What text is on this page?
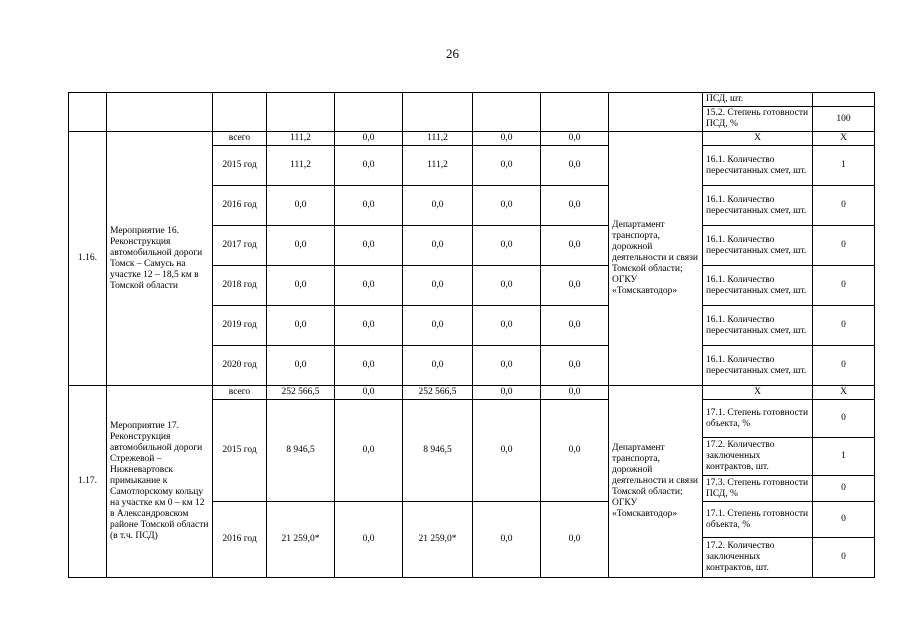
26
									ПСД, шт.	
									15.2. Степень готовности ПСД, %	100
1.16.	Мероприятие 16. Реконструкция автомобильной дороги Томск – Самусь на участке 12 – 18,5 км в Томской области	всего	111,2	0,0	111,2	0,0	0,0	Департамент транспорта, дорожной деятельности и связи Томской области; ОГКУ «Томскавтодор»	Х	Х
		2015 год	111,2	0,0	111,2	0,0	0,0		16.1. Количество пересчитанных смет, шт.	1
		2016 год	0,0	0,0	0,0	0,0	0,0		16.1. Количество пересчитанных смет, шт.	0
		2017 год	0,0	0,0	0,0	0,0	0,0		16.1. Количество пересчитанных смет, шт.	0
		2018 год	0,0	0,0	0,0	0,0	0,0		16.1. Количество пересчитанных смет, шт.	0
		2019 год	0,0	0,0	0,0	0,0	0,0		16.1. Количество пересчитанных смет, шт.	0
		2020 год	0,0	0,0	0,0	0,0	0,0		16.1. Количество пересчитанных смет, шт.	0
1.17.	Мероприятие 17. Реконструкция автомобильной дороги Стрежевой – Нижневартовск примыкание к Самотлорскому кольцу на участке км 0 – км 12 в Александровском районе Томской области (в т.ч. ПСД)	всего	252 566,5	0,0	252 566,5	0,0	0,0	Департамент транспорта, дорожной деятельности и связи Томской области; ОГКУ «Томскавтодор»	Х	Х
		2015 год	8 946,5	0,0	8 946,5	0,0	0,0		17.1. Степень готовности объекта, %	0
									17.2. Количество заключенных контрактов, шт.	1
									17.3. Степень готовности ПСД, %	0
		2016 год	21 259,0*	0,0	21 259,0*	0,0	0,0		17.1. Степень готовности объекта, %	0
									17.2. Количество заключенных контрактов, шт.	0
